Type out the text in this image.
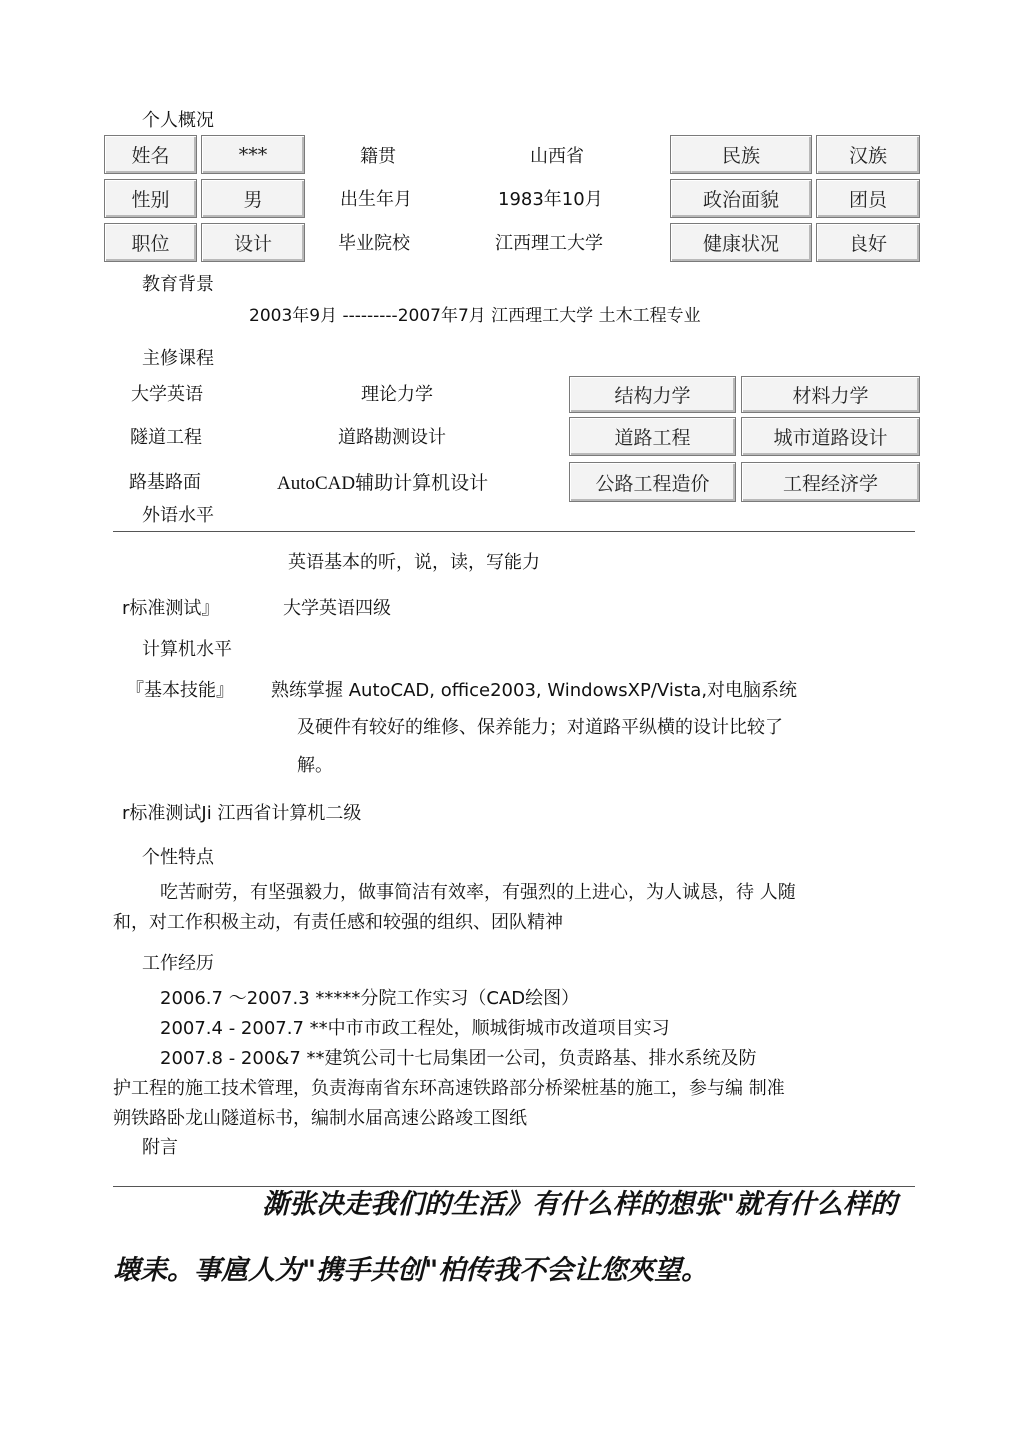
个人概况
姓名	***	籍贯	山西省	民族	汉族
性别	男	出生年月	1983年10月	政治面貌	团员
职位	设计	毕业院校	江西理工大学	健康状况	良好
教育背景
2003年9月 ---------2007年7月 江西理工大学 土木工程专业
主修课程
大学英语	理论力学	结构力学	材料力学
隧道工程	道路勘测设计	道路工程	城市道路设计
路基路面	AutoCAD辅助计算机设计	公路工程造价	工程经济学
外语水平
英语基本的听，说，读，写能力
r标准测试』	大学英语四级
计算机水平
『基本技能』 熟练掌握 AutoCAD, office2003, WindowsXP/Vista,对电脑系统
及硬件有较好的维修、保养能力；对道路平纵横的设计比较了
解。
r标准测试Ji 江西省计算机二级
个性特点
吃苦耐劳，有坚强毅力，做事简洁有效率，有强烈的上进心，为人诚恳，待 人随
和，对工作积极主动，有责任感和较强的组织、团队精神
工作经历
2006.7 ～2007.3 *****分院工作实习（CAD绘图）
2007.4 - 2007.7 **中市市政工程处，顺城街城市改道项目实习
2007.8 - 200&7 **建筑公司十七局集团一公司，负责路基、排水系统及防
护工程的施工技术管理，负责海南省东环高速铁路部分桥梁桩基的施工，参与编 制准
朔铁路卧龙山隧道标书，编制水届高速公路竣工图纸
附言
澌张决走我们的生活》有什么样的想张"就有什么样的
壊耒。事扈人为"携手共创"柏传我不会让您夾望。
